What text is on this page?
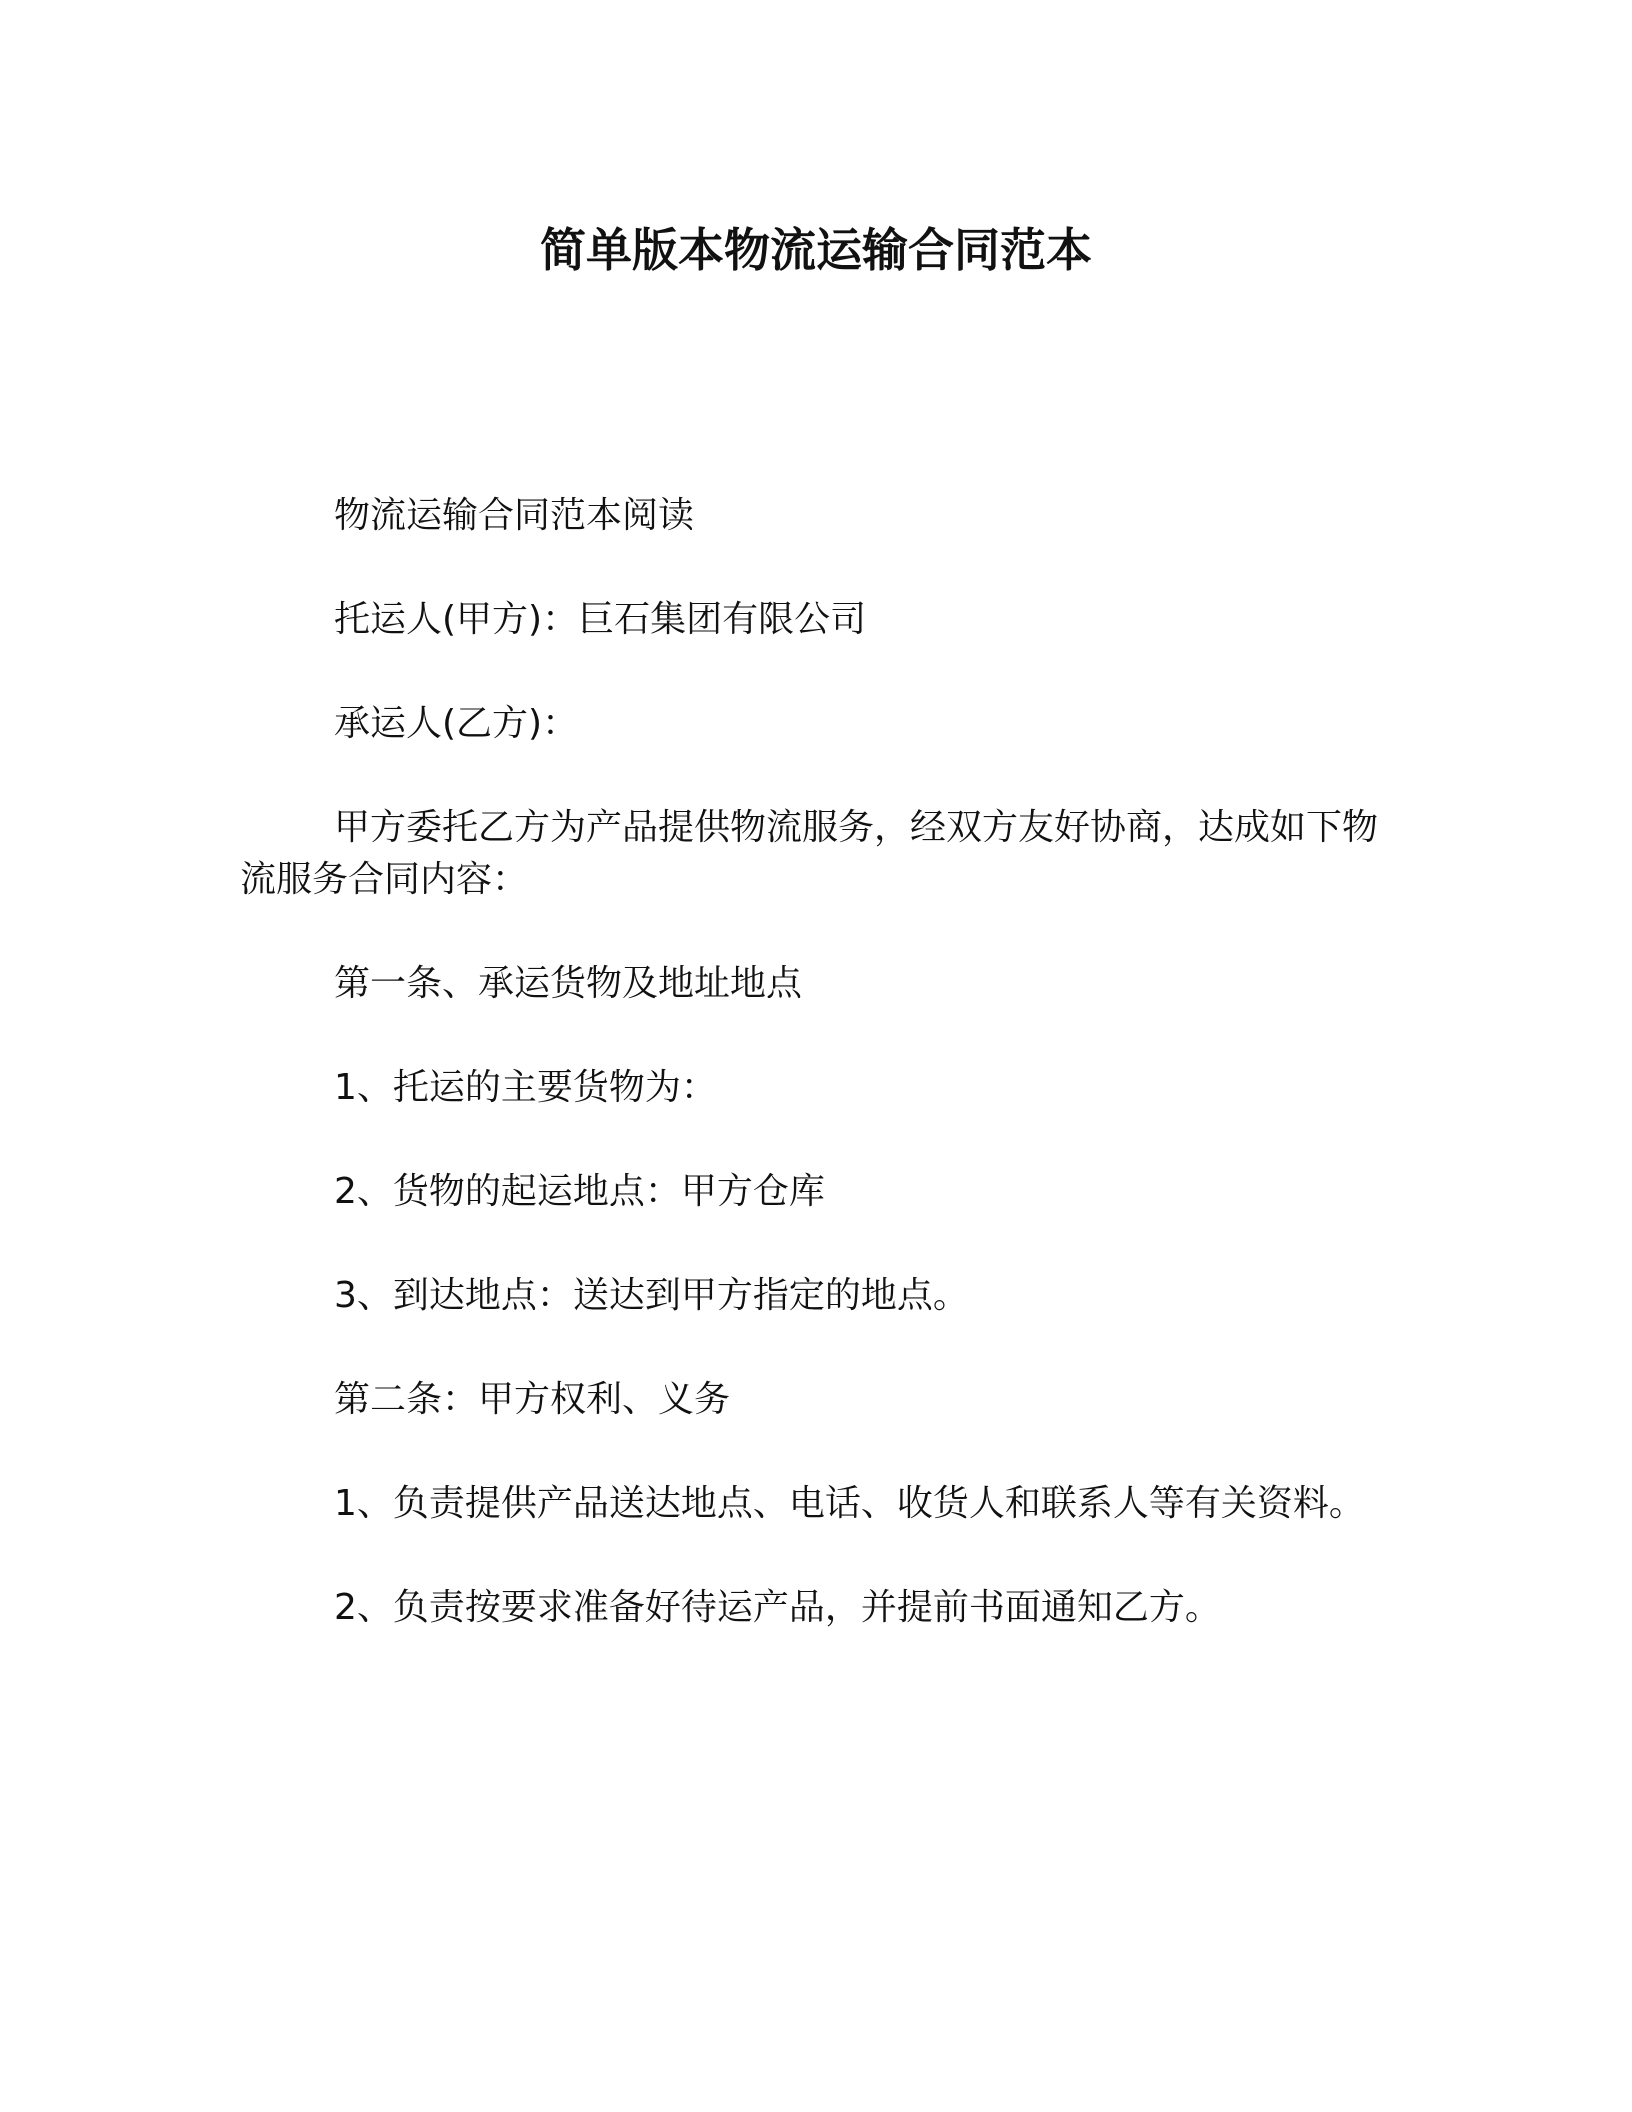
简单版本物流运输合同范本

物流运输合同范本阅读

托运人(甲方)：巨石集团有限公司

承运人(乙方)：

甲方委托乙方为产品提供物流服务，经双方友好协商，达成如下物流服务合同内容：

第一条、承运货物及地址地点

1、托运的主要货物为：

2、货物的起运地点：甲方仓库

3、到达地点：送达到甲方指定的地点。

第二条：甲方权利、义务

1、负责提供产品送达地点、电话、收货人和联系人等有关资料。

2、负责按要求准备好待运产品，并提前书面通知乙方。
